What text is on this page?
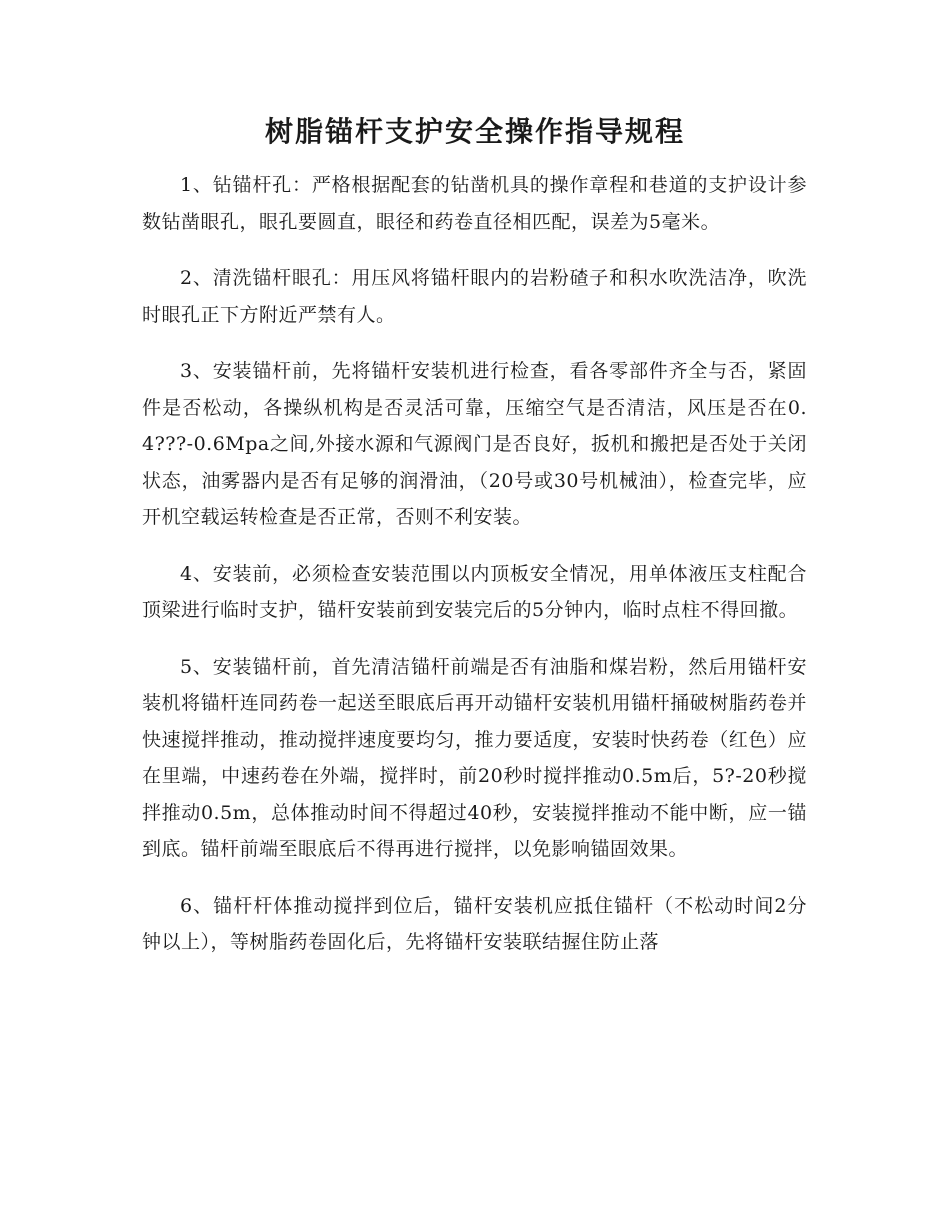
树脂锚杆支护安全操作指导规程

1、钻锚杆孔：严格根据配套的钻凿机具的操作章程和巷道的支护设计参数钻凿眼孔，眼孔要圆直，眼径和药卷直径相匹配，误差为5毫米。

2、清洗锚杆眼孔：用压风将锚杆眼内的岩粉碴子和积水吹洗洁净，吹洗时眼孔正下方附近严禁有人。

3、安装锚杆前，先将锚杆安装机进行检查，看各零部件齐全与否，紧固件是否松动，各操纵机构是否灵活可靠，压缩空气是否清洁，风压是否在0.4???-0.6Mpa之间,外接水源和气源阀门是否良好，扳机和搬把是否处于关闭状态，油雾器内是否有足够的润滑油，（20号或30号机械油），检查完毕，应开机空载运转检查是否正常，否则不利安装。

4、安装前，必须检查安装范围以内顶板安全情况，用单体液压支柱配合顶梁进行临时支护，锚杆安装前到安装完后的5分钟内，临时点柱不得回撤。

5、安装锚杆前，首先清洁锚杆前端是否有油脂和煤岩粉，然后用锚杆安装机将锚杆连同药卷一起送至眼底后再开动锚杆安装机用锚杆捅破树脂药卷并快速搅拌推动，推动搅拌速度要均匀，推力要适度，安装时快药卷（红色）应在里端，中速药卷在外端，搅拌时，前20秒时搅拌推动0.5m后，5?-20秒搅拌推动0.5m，总体推动时间不得超过40秒，安装搅拌推动不能中断，应一锚到底。锚杆前端至眼底后不得再进行搅拌，以免影响锚固效果。

6、锚杆杆体推动搅拌到位后，锚杆安装机应抵住锚杆（不松动时间2分钟以上），等树脂药卷固化后，先将锚杆安装联结握住防止落
